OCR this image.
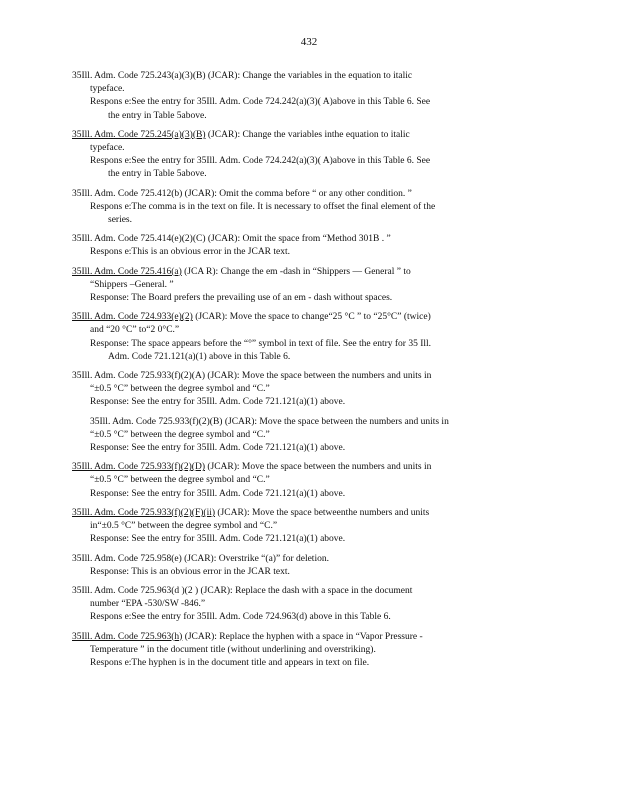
432
35Ill. Adm. Code 725.243(a)(3)(B) (JCAR): Change the variables in the equation to italic
typeface.
Respons e:See the entry for 35Ill. Adm. Code 724.242(a)(3)( A)above in this Table 6. See
the entry in Table 5above.
35Ill. Adm. Code 725.245(a)(3)(B) (JCAR): Change the variables inthe equation to italic
typeface.
Respons e:See the entry for 35Ill. Adm. Code 724.242(a)(3)( A)above in this Table 6. See
the entry in Table 5above.
35Ill. Adm. Code 725.412(b) (JCAR): Omit the comma before “ or any other condition. ”
Respons e:The comma is in the text on file. It is necessary to offset the final element of the
series.
35Ill. Adm. Code 725.414(e)(2)(C) (JCAR): Omit the space from “Method 301B . ”
Respons e:This is an obvious error in the JCAR text.
35Ill. Adm. Code 725.416(a) (JCA R): Change the em -dash in “Shippers — General ” to
“Shippers –General. ”
Response: The Board prefers the prevailing use of an em - dash without spaces.
35Ill. Adm. Code 724.933(e)(2) (JCAR): Move the space to change“25 °C ” to “25°C” (twice)
and “20 °C” to“2 0°C.”
Response: The space appears before the “°” symbol in text of file. See the entry for 35 Ill.
Adm. Code 721.121(a)(1) above in this Table 6.
35Ill. Adm. Code 725.933(f)(2)(A) (JCAR): Move the space between the numbers and units in
“±0.5 °C” between the degree symbol and “C.”
Response: See the entry for 35Ill. Adm. Code 721.121(a)(1) above.
35Ill. Adm. Code 725.933(f)(2)(B) (JCAR): Move the space between the numbers and units in
“±0.5 °C” between the degree symbol and “C.”
Response: See the entry for 35Ill. Adm. Code 721.121(a)(1) above.
35Ill. Adm. Code 725.933(f)(2)(D) (JCAR): Move the space between the numbers and units in
“±0.5 °C” between the degree symbol and “C.”
Response: See the entry for 35Ill. Adm. Code 721.121(a)(1) above.
35Ill. Adm. Code 725.933(f)(2)(F)(ii) (JCAR): Move the space betweenthe numbers and units
in“±0.5 °C” between the degree symbol and “C.”
Response: See the entry for 35Ill. Adm. Code 721.121(a)(1) above.
35Ill. Adm. Code 725.958(e) (JCAR): Overstrike “(a)” for deletion.
Response: This is an obvious error in the JCAR text.
35Ill. Adm. Code 725.963(d )(2 ) (JCAR): Replace the dash with a space in the document
number “EPA -530/SW -846.”
Respons e:See the entry for 35Ill. Adm. Code 724.963(d) above in this Table 6.
35Ill. Adm. Code 725.963(h) (JCAR): Replace the hyphen with a space in “Vapor Pressure -
Temperature ” in the document title (without underlining and overstriking).
Respons e:The hyphen is in the document title and appears in text on file.
